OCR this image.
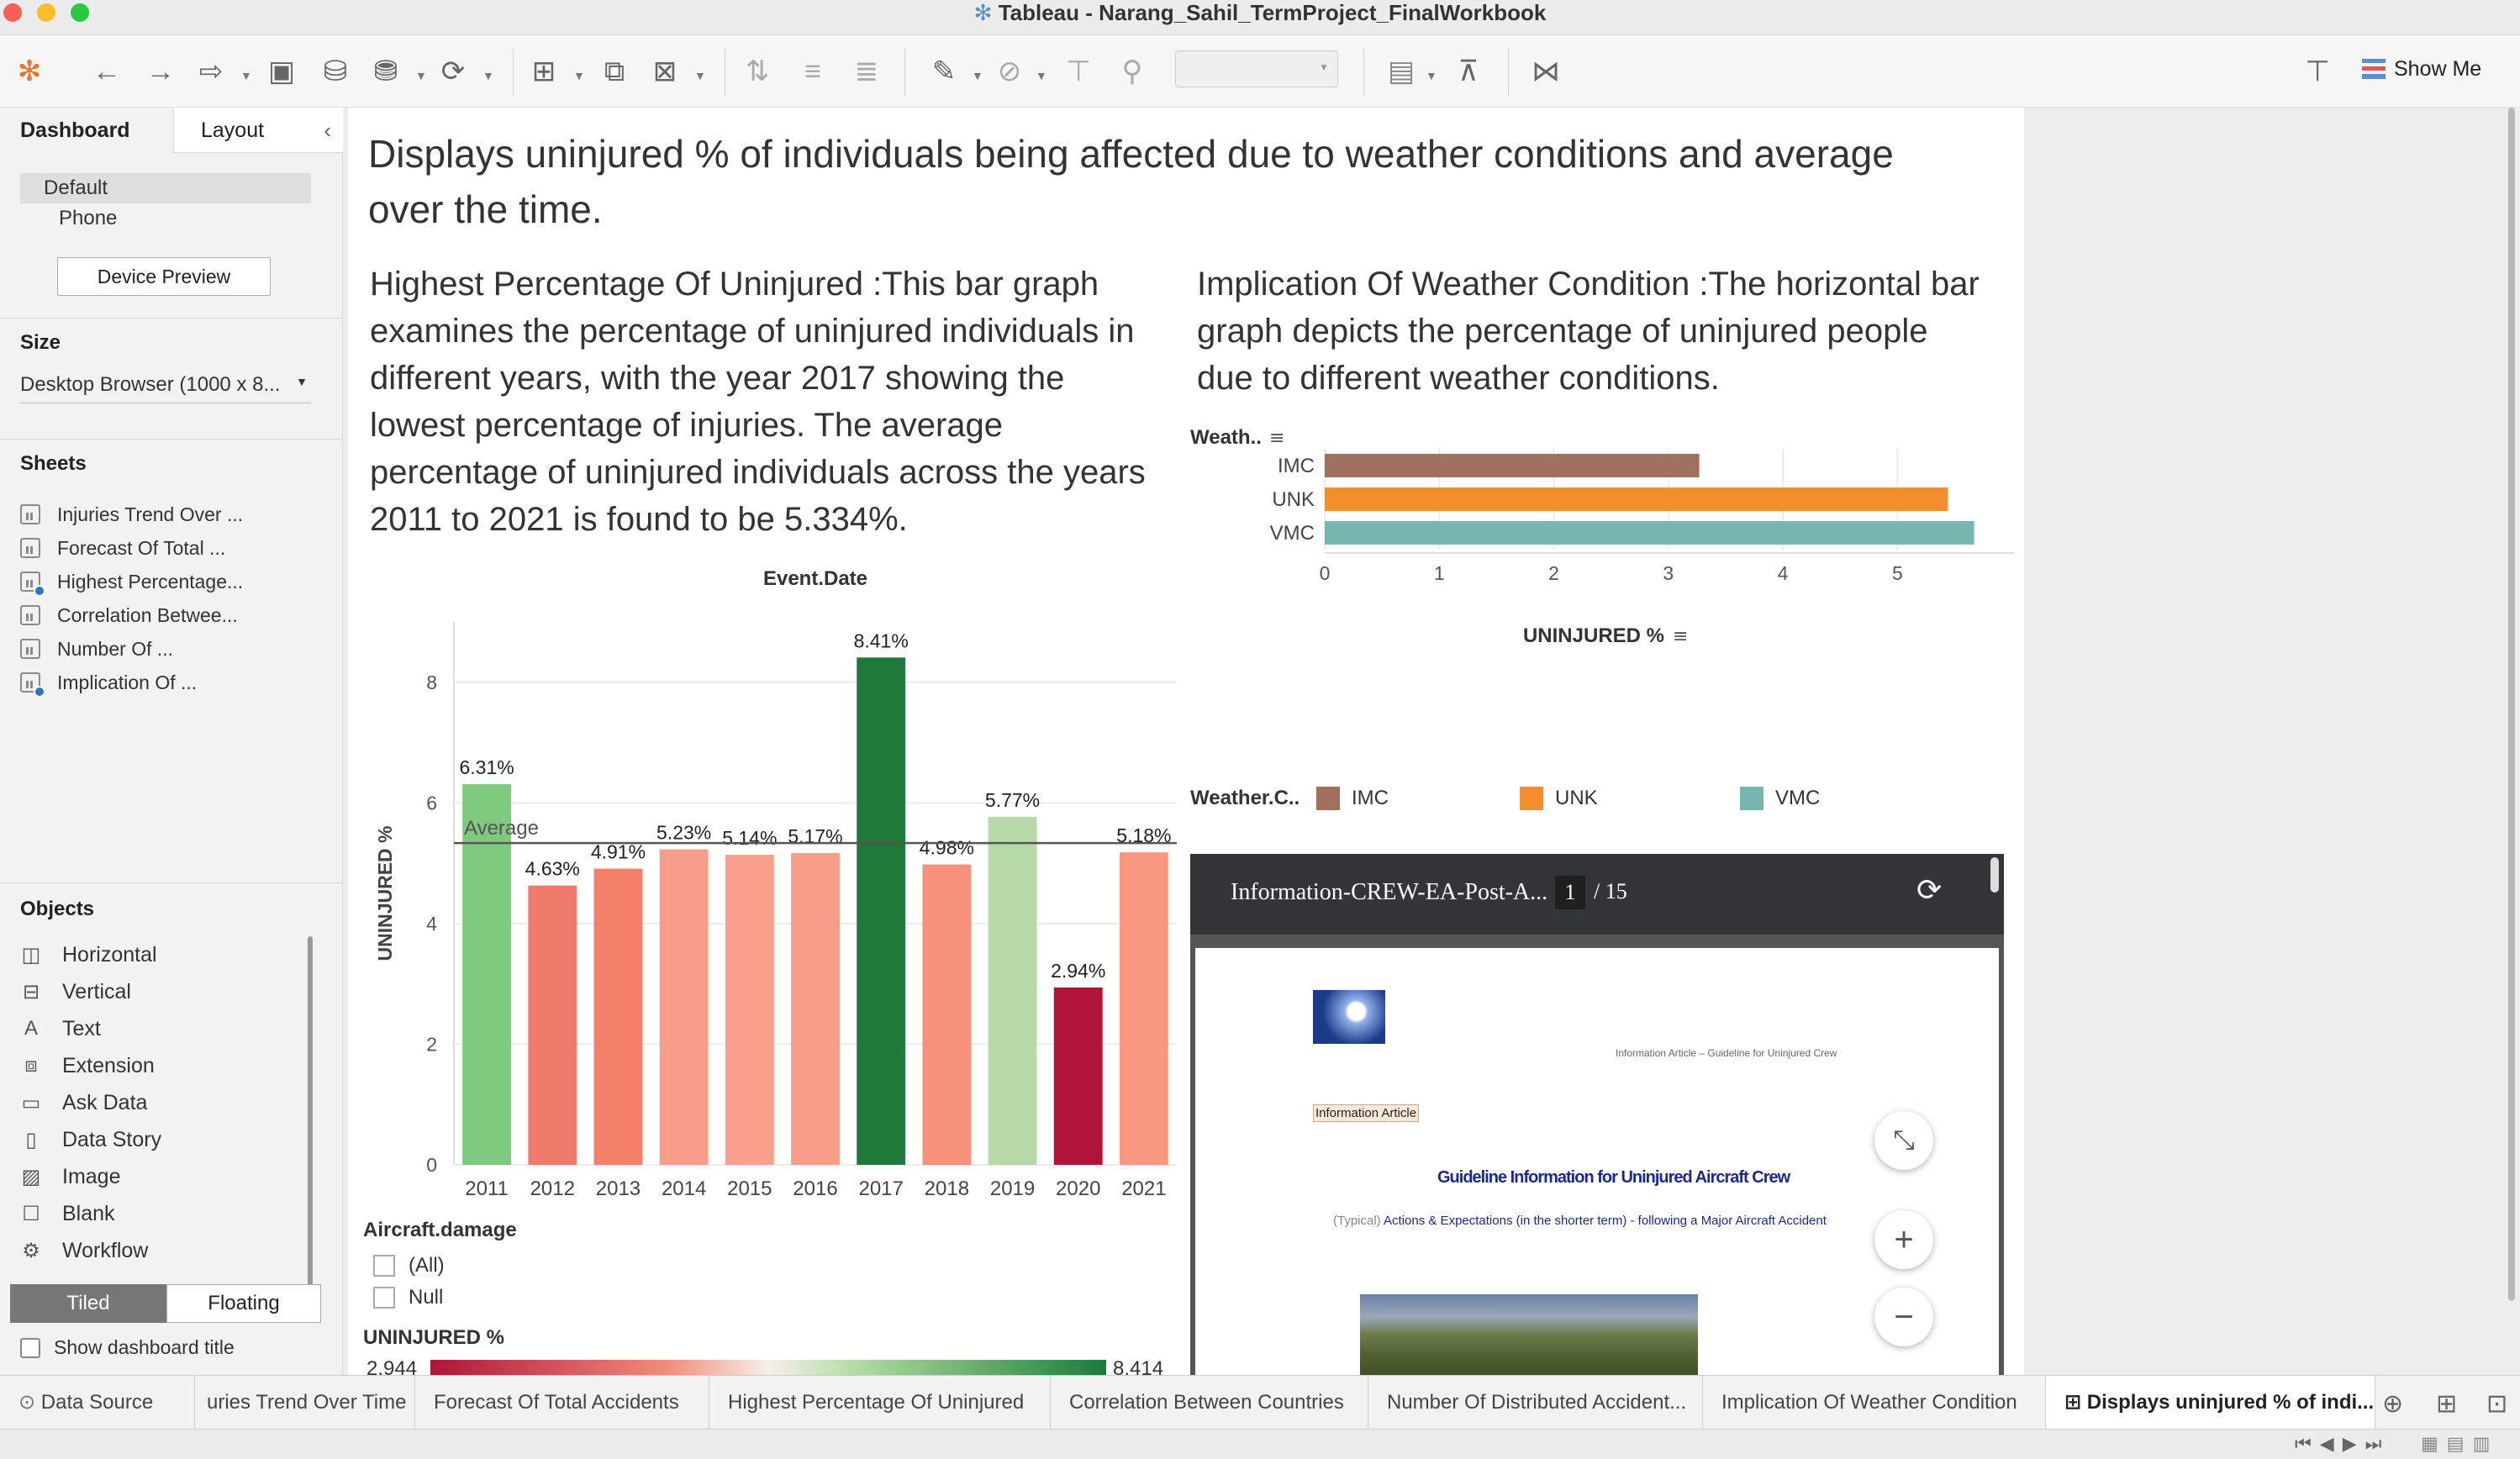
✻ Tableau - Narang_Sahil_TermProject_FinalWorkbook
✻ ← → ⇨	▼ ▣ ⛁ ⛃	▼ ⟳	▼ ⊞	▼ ⧉ ⊠	▼ ⇅	≡	≣ ✎	▼ ⊘	▼ ⊤ ⚲	▼ ▤ ▼ ⊼ ⋈	⊤	Show Me
Dashboard	Layout	‹
Default
Phone
Device Preview
Size
Desktop Browser (1000 x 8... ▼
Sheets
Injuries Trend Over ...
Forecast Of Total ...
Highest Percentage...
Correlation Betwee...
Number Of ...
Implication Of ...
Objects
◫ Horizontal
⊟ Vertical
A Text
⧈ Extension
▭ Ask Data
▯ Data Story
▨ Image
☐ Blank
⚙ Workflow
Tiled	Floating
Show dashboard title
Displays uninjured % of individuals being affected due to weather conditions and average over the time.
Highest Percentage Of Uninjured :This bar graph examines the percentage of uninjured individuals in different years, with the year 2017 showing the lowest percentage of injuries. The average percentage of uninjured individuals across the years 2011 to 2021 is found to be 5.334%.
Implication Of Weather Condition :The horizontal bar graph depicts the percentage of uninjured people due to different weather conditions.
Event.Date
UNINJURED %
0
2
4
6
8
6.31%
2011
4.63%
2012
4.91%
2013
5.23%
2014
5.14%
2015
5.17%
2016
8.41%
2017
4.98%
2018
5.77%
2019
2.94%
2020
5.18%
2021
Average
Weath.. ≡
0	1	2	3	4	5
IMC
UNK
VMC
UNINJURED % ≡
Weather.C..	IMC	UNK	VMC
Aircraft.damage
(All)
Null
UNINJURED %
2.944	8.414
Information-CREW-EA-Post-A... 1 / 15	⟳
Information Article – Guideline for Uninjured Crew
Information Article
Guideline Information for Uninjured Aircraft Crew
(Typical) Actions & Expectations (in the shorter term) - following a Major Aircraft Accident
⤡
+
−
⊙ Data Source	uries Trend Over Time	Forecast Of Total Accidents	Highest Percentage Of Uninjured	Correlation Between Countries	Number Of Distributed Accident...	Implication Of Weather Condition	⊞ Displays uninjured % of indi... ⊕ ⊞ ⊡
⏮◀▶⏭ ▦▤▥
